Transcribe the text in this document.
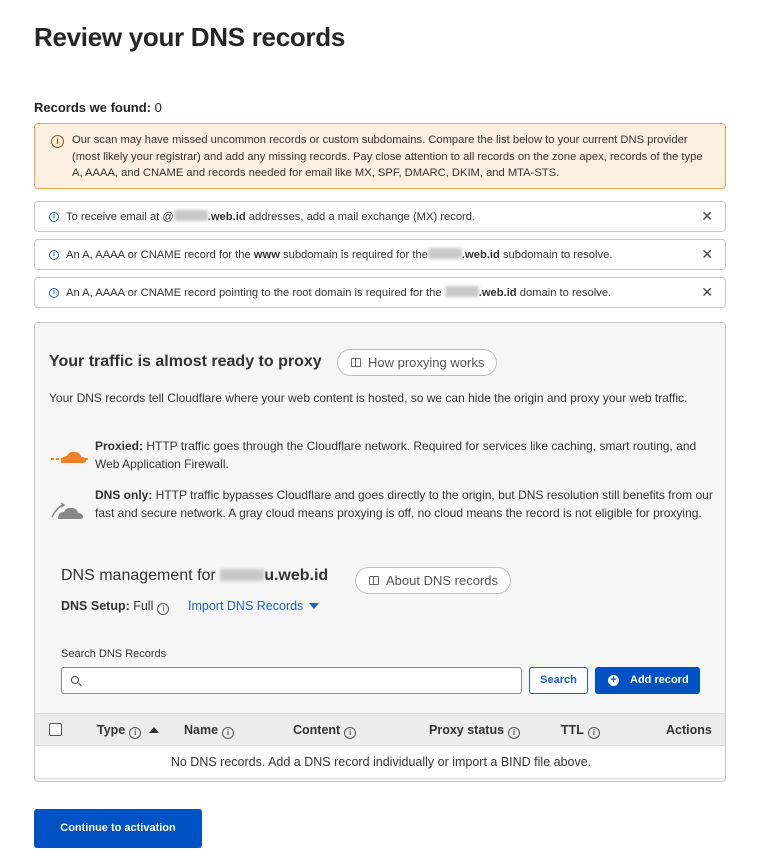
Review your DNS records
Records we found: 0
i	Our scan may have missed uncommon records or custom subdomains. Compare the list below to your current DNS provider (most likely your registrar) and add any missing records. Pay close attention to all records on the zone apex, records of the type A, AAAA, and CNAME and records needed for email like MX, SPF, DMARC, DKIM, and MTA-STS.
i To receive email at @	.web.id addresses, add a mail exchange (MX) record.	✕
i An A, AAAA or CNAME record for the www subdomain is required for the	.web.id subdomain to resolve.	✕
i An A, AAAA or CNAME record pointing to the root domain is required for the	.web.id domain to resolve.	✕
Your traffic is almost ready to proxy	How proxying works
Your DNS records tell Cloudflare where your web content is hosted, so we can hide the origin and proxy your web traffic.
Proxied: HTTP traffic goes through the Cloudflare network. Required for services like caching, smart routing, and Web Application Firewall.
DNS only: HTTP traffic bypasses Cloudflare and goes directly to the origin, but DNS resolution still benefits from our fast and secure network. A gray cloud means proxying is off, no cloud means the record is not eligible for proxying.
DNS management for	u.web.id	About DNS records
DNS Setup: Full i	Import DNS Records
Search DNS Records
Search	+ Add record
Type i	Name i	Content i	Proxy status i	TTL i	Actions
No DNS records. Add a DNS record individually or import a BIND file above.
Continue to activation
